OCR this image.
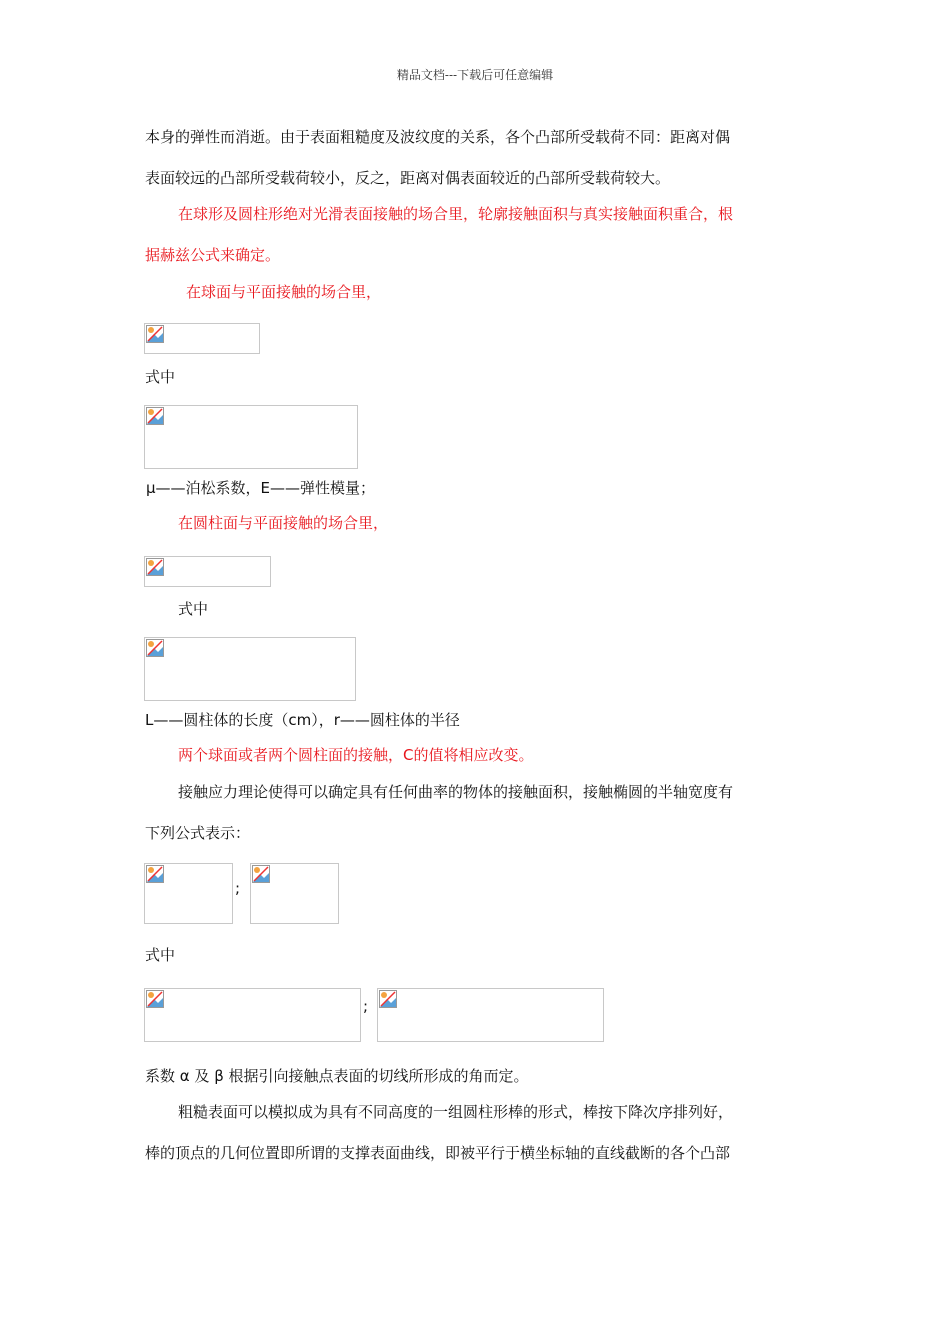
精品文档---下载后可任意编辑
本身的弹性而消逝。由于表面粗糙度及波纹度的关系，各个凸部所受载荷不同：距离对偶
表面较远的凸部所受载荷较小，反之，距离对偶表面较近的凸部所受载荷较大。
在球形及圆柱形绝对光滑表面接触的场合里，轮廓接触面积与真实接触面积重合，根
据赫兹公式来确定。
在球面与平面接触的场合里，
式中
μ——泊松系数，E——弹性模量；
在圆柱面与平面接触的场合里，
式中
L——圆柱体的长度（cm），r——圆柱体的半径
两个球面或者两个圆柱面的接触，C的值将相应改变。
接触应力理论使得可以确定具有任何曲率的物体的接触面积，接触椭圆的半轴宽度有
下列公式表示：
;
式中
;
系数 α 及 β 根据引向接触点表面的切线所形成的角而定。
粗糙表面可以模拟成为具有不同高度的一组圆柱形棒的形式，棒按下降次序排列好，
棒的顶点的几何位置即所谓的支撑表面曲线，即被平行于横坐标轴的直线截断的各个凸部
